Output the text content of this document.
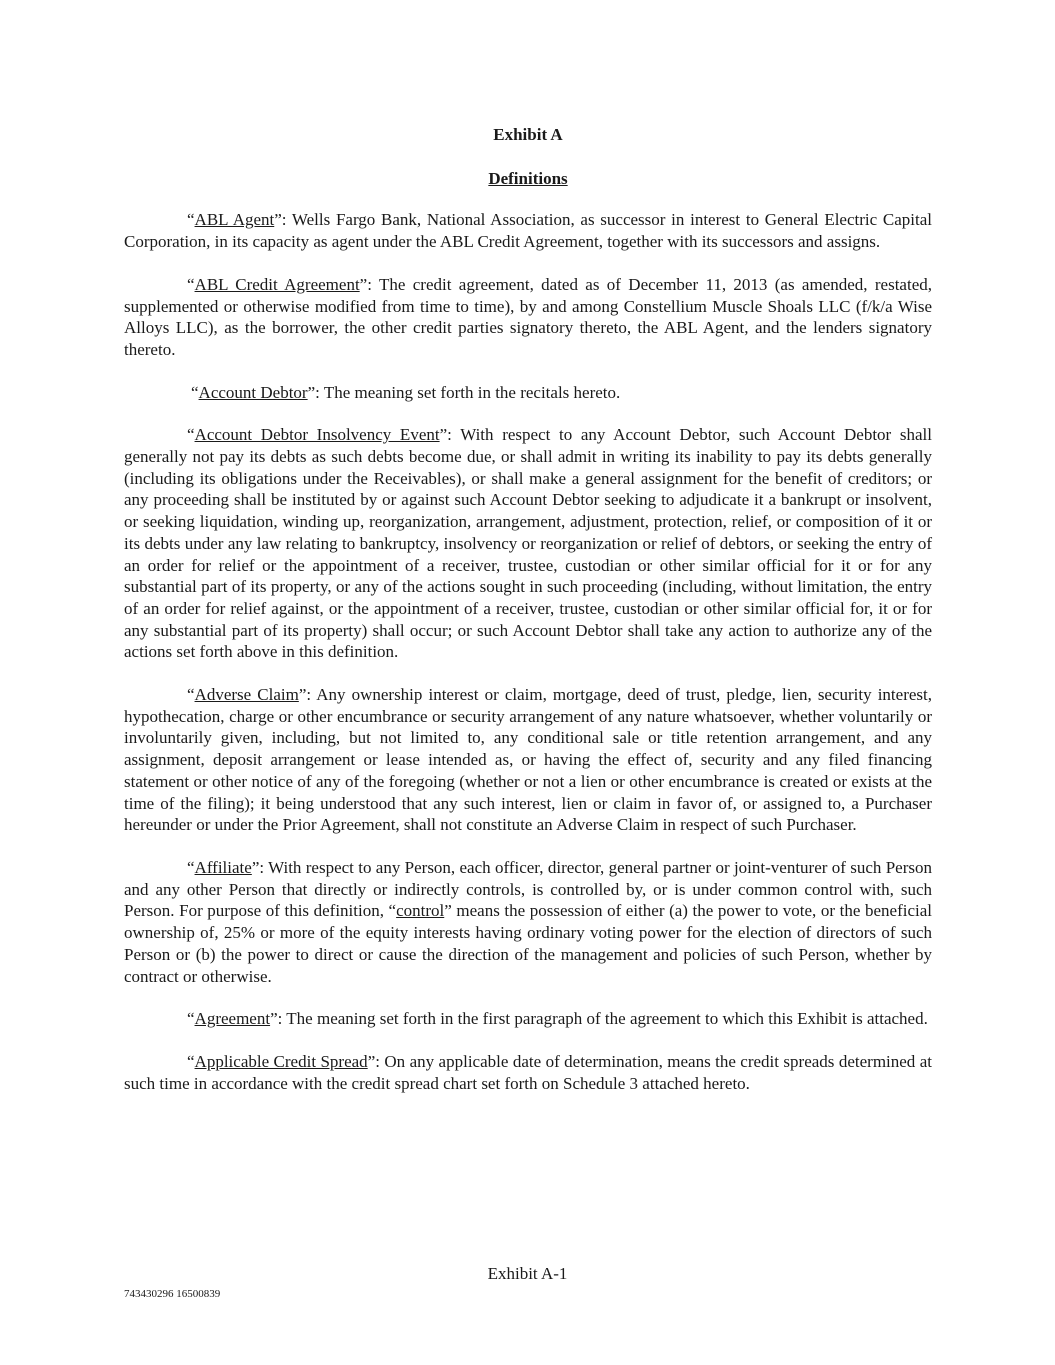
Exhibit A

Definitions

“ABL Agent”: Wells Fargo Bank, National Association, as successor in interest to General Electric Capital Corporation, in its capacity as agent under the ABL Credit Agreement, together with its successors and assigns.

“ABL Credit Agreement”: The credit agreement, dated as of December 11, 2013 (as amended, restated, supplemented or otherwise modified from time to time), by and among Constellium Muscle Shoals LLC (f/k/a Wise Alloys LLC), as the borrower, the other credit parties signatory thereto, the ABL Agent, and the lenders signatory thereto.

“Account Debtor”: The meaning set forth in the recitals hereto.

“Account Debtor Insolvency Event”: With respect to any Account Debtor, such Account Debtor shall generally not pay its debts as such debts become due, or shall admit in writing its inability to pay its debts generally (including its obligations under the Receivables), or shall make a general assignment for the benefit of creditors; or any proceeding shall be instituted by or against such Account Debtor seeking to adjudicate it a bankrupt or insolvent, or seeking liquidation, winding up, reorganization, arrangement, adjustment, protection, relief, or composition of it or its debts under any law relating to bankruptcy, insolvency or reorganization or relief of debtors, or seeking the entry of an order for relief or the appointment of a receiver, trustee, custodian or other similar official for it or for any substantial part of its property, or any of the actions sought in such proceeding (including, without limitation, the entry of an order for relief against, or the appointment of a receiver, trustee, custodian or other similar official for, it or for any substantial part of its property) shall occur; or such Account Debtor shall take any action to authorize any of the actions set forth above in this definition.

“Adverse Claim”: Any ownership interest or claim, mortgage, deed of trust, pledge, lien, security interest, hypothecation, charge or other encumbrance or security arrangement of any nature whatsoever, whether voluntarily or involuntarily given, including, but not limited to, any conditional sale or title retention arrangement, and any assignment, deposit arrangement or lease intended as, or having the effect of, security and any filed financing statement or other notice of any of the foregoing (whether or not a lien or other encumbrance is created or exists at the time of the filing); it being understood that any such interest, lien or claim in favor of, or assigned to, a Purchaser hereunder or under the Prior Agreement, shall not constitute an Adverse Claim in respect of such Purchaser.

“Affiliate”: With respect to any Person, each officer, director, general partner or joint-venturer of such Person and any other Person that directly or indirectly controls, is controlled by, or is under common control with, such Person. For purpose of this definition, “control” means the possession of either (a) the power to vote, or the beneficial ownership of, 25% or more of the equity interests having ordinary voting power for the election of directors of such Person or (b) the power to direct or cause the direction of the management and policies of such Person, whether by contract or otherwise.

“Agreement”: The meaning set forth in the first paragraph of the agreement to which this Exhibit is attached.

“Applicable Credit Spread”: On any applicable date of determination, means the credit spreads determined at such time in accordance with the credit spread chart set forth on Schedule 3 attached hereto.

Exhibit A-1
743430296 16500839
